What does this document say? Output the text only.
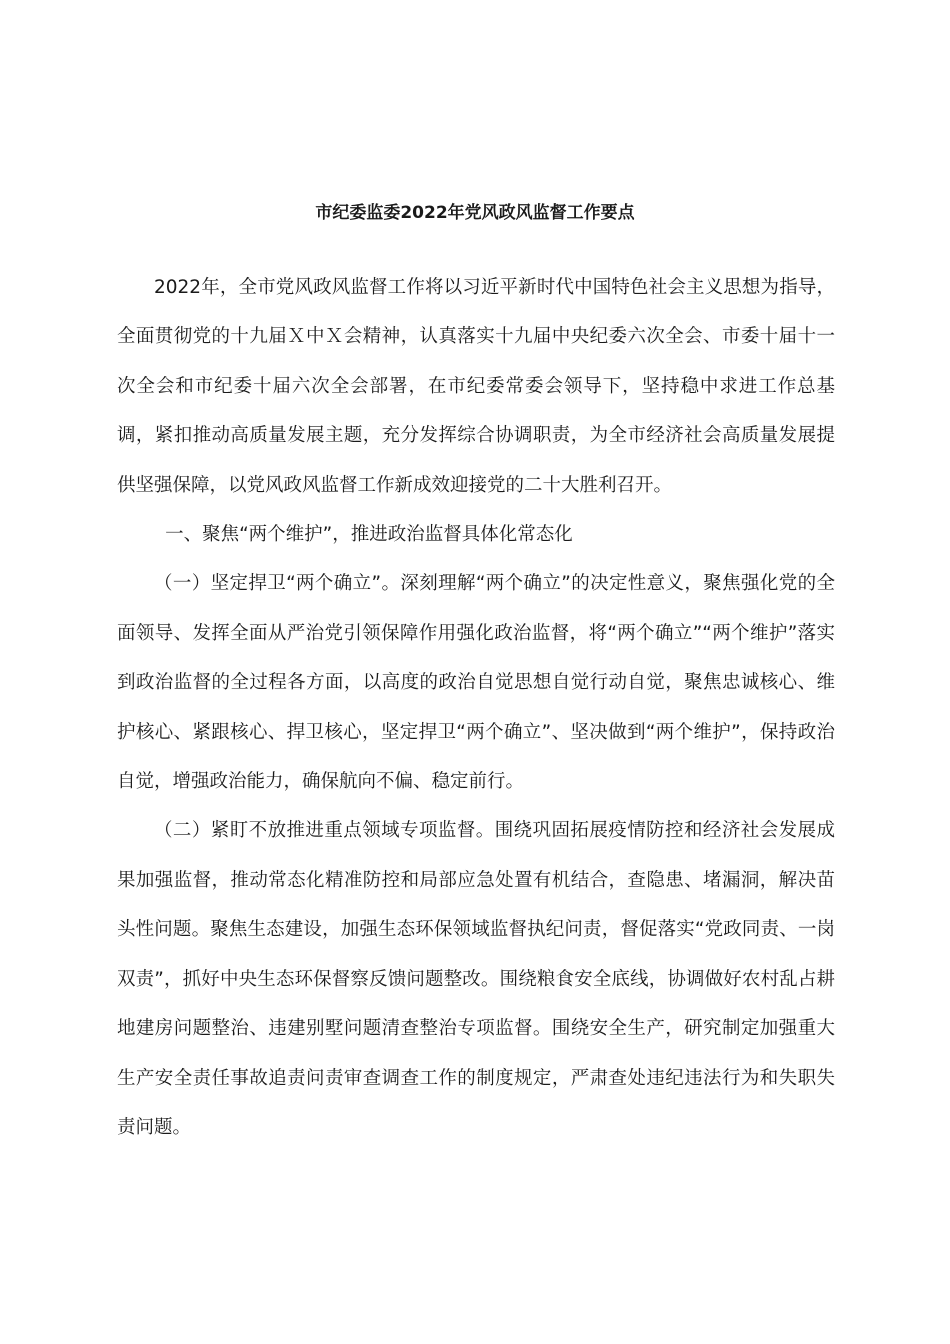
市纪委监委2022年党风政风监督工作要点

2022年，全市党风政风监督工作将以习近平新时代中国特色社会主义思想为指导，全面贯彻党的十九届Ｘ中Ｘ会精神，认真落实十九届中央纪委六次全会、市委十届十一次全会和市纪委十届六次全会部署，在市纪委常委会领导下，坚持稳中求进工作总基调，紧扣推动高质量发展主题，充分发挥综合协调职责，为全市经济社会高质量发展提供坚强保障，以党风政风监督工作新成效迎接党的二十大胜利召开。

一、聚焦“两个维护”，推进政治监督具体化常态化

（一）坚定捍卫“两个确立”。深刻理解“两个确立”的决定性意义，聚焦强化党的全面领导、发挥全面从严治党引领保障作用强化政治监督，将“两个确立”“两个维护”落实到政治监督的全过程各方面，以高度的政治自觉思想自觉行动自觉，聚焦忠诚核心、维护核心、紧跟核心、捍卫核心，坚定捍卫“两个确立”、坚决做到“两个维护”，保持政治自觉，增强政治能力，确保航向不偏、稳定前行。

（二）紧盯不放推进重点领域专项监督。围绕巩固拓展疫情防控和经济社会发展成果加强监督，推动常态化精准防控和局部应急处置有机结合，查隐患、堵漏洞，解决苗头性问题。聚焦生态建设，加强生态环保领域监督执纪问责，督促落实“党政同责、一岗双责”，抓好中央生态环保督察反馈问题整改。围绕粮食安全底线，协调做好农村乱占耕地建房问题整治、违建别墅问题清查整治专项监督。围绕安全生产，研究制定加强重大生产安全责任事故追责问责审查调查工作的制度规定，严肃查处违纪违法行为和失职失责问题。
